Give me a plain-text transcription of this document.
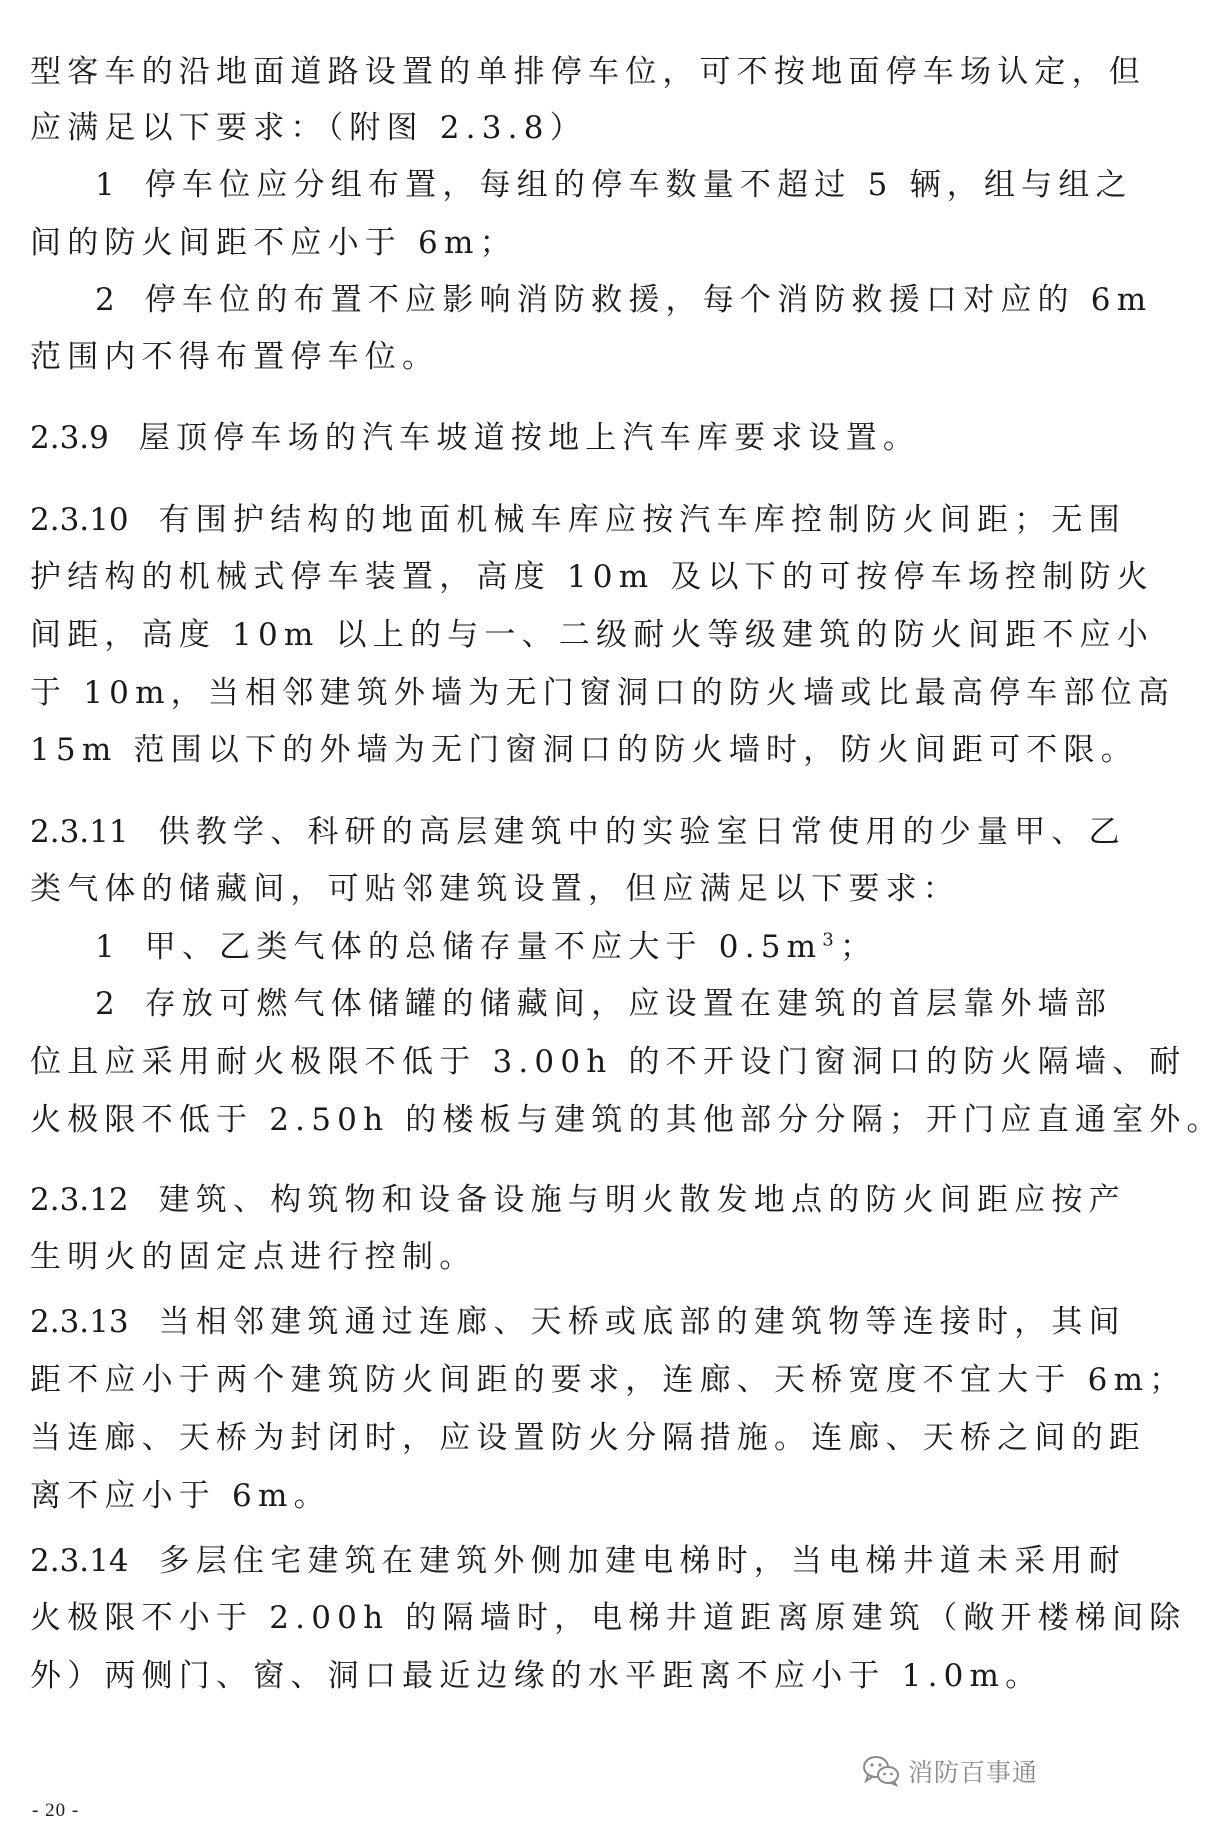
型客车的沿地面道路设置的单排停车位，可不按地面停车场认定，但
应满足以下要求：（附图 2.3.8）
1 停车位应分组布置，每组的停车数量不超过 5 辆，组与组之
间的防火间距不应小于 6m；
2 停车位的布置不应影响消防救援，每个消防救援口对应的 6m
范围内不得布置停车位。
2.3.9 屋顶停车场的汽车坡道按地上汽车库要求设置。
2.3.10 有围护结构的地面机械车库应按汽车库控制防火间距；无围
护结构的机械式停车装置，高度 10m 及以下的可按停车场控制防火
间距，高度 10m 以上的与一、二级耐火等级建筑的防火间距不应小
于 10m，当相邻建筑外墙为无门窗洞口的防火墙或比最高停车部位高
15m 范围以下的外墙为无门窗洞口的防火墙时，防火间距可不限。
2.3.11 供教学、科研的高层建筑中的实验室日常使用的少量甲、乙
类气体的储藏间，可贴邻建筑设置，但应满足以下要求：
1 甲、乙类气体的总储存量不应大于 $0.5m^3$；
2 存放可燃气体储罐的储藏间，应设置在建筑的首层靠外墙部
位且应采用耐火极限不低于 3.00h 的不开设门窗洞口的防火隔墙、耐
火极限不低于 2.50h 的楼板与建筑的其他部分分隔；开门应直通室外。
2.3.12 建筑、构筑物和设备设施与明火散发地点的防火间距应按产
生明火的固定点进行控制。
2.3.13 当相邻建筑通过连廊、天桥或底部的建筑物等连接时，其间
距不应小于两个建筑防火间距的要求，连廊、天桥宽度不宜大于 6m；
当连廊、天桥为封闭时，应设置防火分隔措施。连廊、天桥之间的距
离不应小于 6m。
2.3.14 多层住宅建筑在建筑外侧加建电梯时，当电梯井道未采用耐
火极限不小于 2.00h 的隔墙时，电梯井道距离原建筑（敞开楼梯间除
外）两侧门、窗、洞口最近边缘的水平距离不应小于 1.0m。
消防百事通
- 20 -
